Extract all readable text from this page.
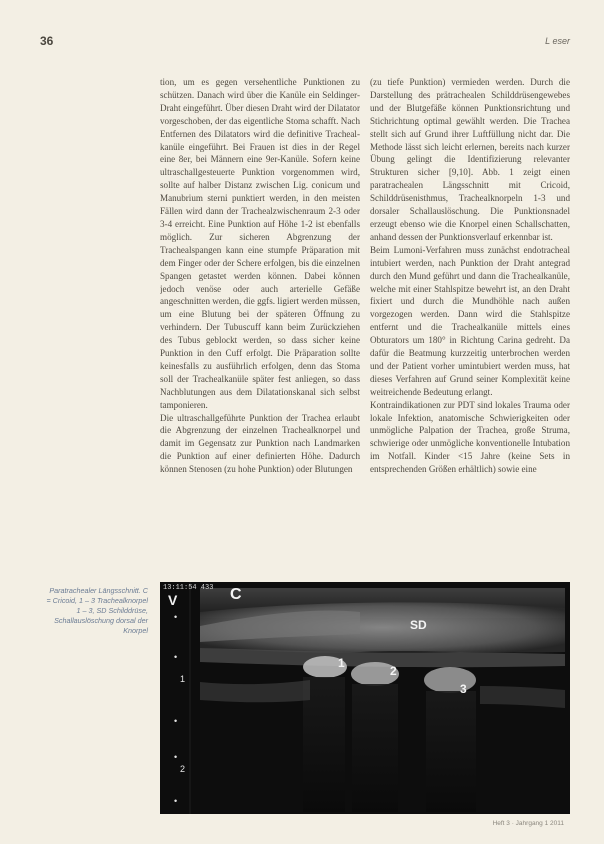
36	L eser

tion, um es gegen versehentliche Punktionen zu schützen. Danach wird über die Kanüle ein Seldinger-Draht eingeführt. Über diesen Draht wird der Dilatator vorgeschoben, der das eigentliche Stoma schafft. Nach Entfernen des Dilatators wird die definitive Tracheal-kanüle eingeführt. Bei Frauen ist dies in der Regel eine 8er, bei Männern eine 9er-Kanüle. Sofern keine ultraschallgesteuerte Punktion vorgenommen wird, sollte auf halber Distanz zwischen Lig. conicum und Manubrium sterni punktiert werden, in den meisten Fällen wird dann der Trachealzwischenraum 2-3 oder 3-4 erreicht. Eine Punktion auf Höhe 1-2 ist ebenfalls möglich. Zur sicheren Abgrenzung der Trachealspangen kann eine stumpfe Präparation mit dem Finger oder der Schere erfolgen, bis die einzelnen Spangen getastet werden können. Dabei können jedoch venöse oder auch arterielle Gefäße angeschnitten werden, die ggfs. ligiert werden müssen, um eine Blutung bei der späteren Öffnung zu verhindern. Der Tubuscuff kann beim Zurückziehen des Tubus geblockt werden, so dass sicher keine Punktion in den Cuff erfolgt. Die Präparation sollte keinesfalls zu ausführlich erfolgen, denn das Stoma soll der Trachealkanüle später fest anliegen, so dass Nachblutungen aus dem Dilatationskanal sich selbst tamponieren.

Die ultraschallgeführte Punktion der Trachea erlaubt die Abgrenzung der einzelnen Trachealknorpel und damit im Gegensatz zur Punktion nach Landmarken die Punktion auf einer definierten Höhe. Dadurch können Stenosen (zu hohe Punktion) oder Blutungen

(zu tiefe Punktion) vermieden werden. Durch die Darstellung des prätrachealen Schilddrüsengewebes und der Blutgefäße können Punktionsrichtung und Stichrichtung optimal gewählt werden. Die Trachea stellt sich auf Grund ihrer Luftfüllung nicht dar. Die Methode lässt sich leicht erlernen, bereits nach kurzer Übung gelingt die Identifizierung relevanter Strukturen sicher [9,10]. Abb. 1 zeigt einen paratrachealen Längsschnitt mit Cricoid, Schilddrüsenisthmus, Trachealknorpeln 1-3 und dorsaler Schallauslöschung. Die Punktionsnadel erzeugt ebenso wie die Knorpel einen Schallschatten, anhand dessen der Punktionsverlauf erkennbar ist.

Beim Lumoni-Verfahren muss zunächst endotracheal intubiert werden, nach Punktion der Draht antegrad durch den Mund geführt und dann die Trachealkanüle, welche mit einer Stahlspitze bewehrt ist, an den Draht fixiert und durch die Mundhöhle nach außen vorgezogen werden. Dann wird die Stahlspitze entfernt und die Trachealkanüle mittels eines Obturators um 180° in Richtung Carina gedreht. Da dafür die Beatmung kurzzeitig unterbrochen werden und der Patient vorher umintubiert werden muss, hat dieses Verfahren auf Grund seiner Komplexität keine weitreichende Bedeutung erlangt.

Kontraindikationen zur PDT sind lokales Trauma oder lokale Infektion, anatomische Schwierigkeiten oder unmögliche Palpation der Trachea, große Struma, schwierige oder unmögliche konventionelle Intubation im Notfall. Kinder <15 Jahre (keine Sets in entsprechenden Größen erhältlich) sowie eine

Paratrachealer Längsschnitt. C = Cricoid, 1 – 3 Trachealknorpel 1 – 3, SD Schilddrüse, Schallauslöschung dorsal der Knorpel
13:11:54 433
V	C
SD
1
2
3
•
•
1
•
•
2
•
Heft 3 · Jahrgang 1 2011
